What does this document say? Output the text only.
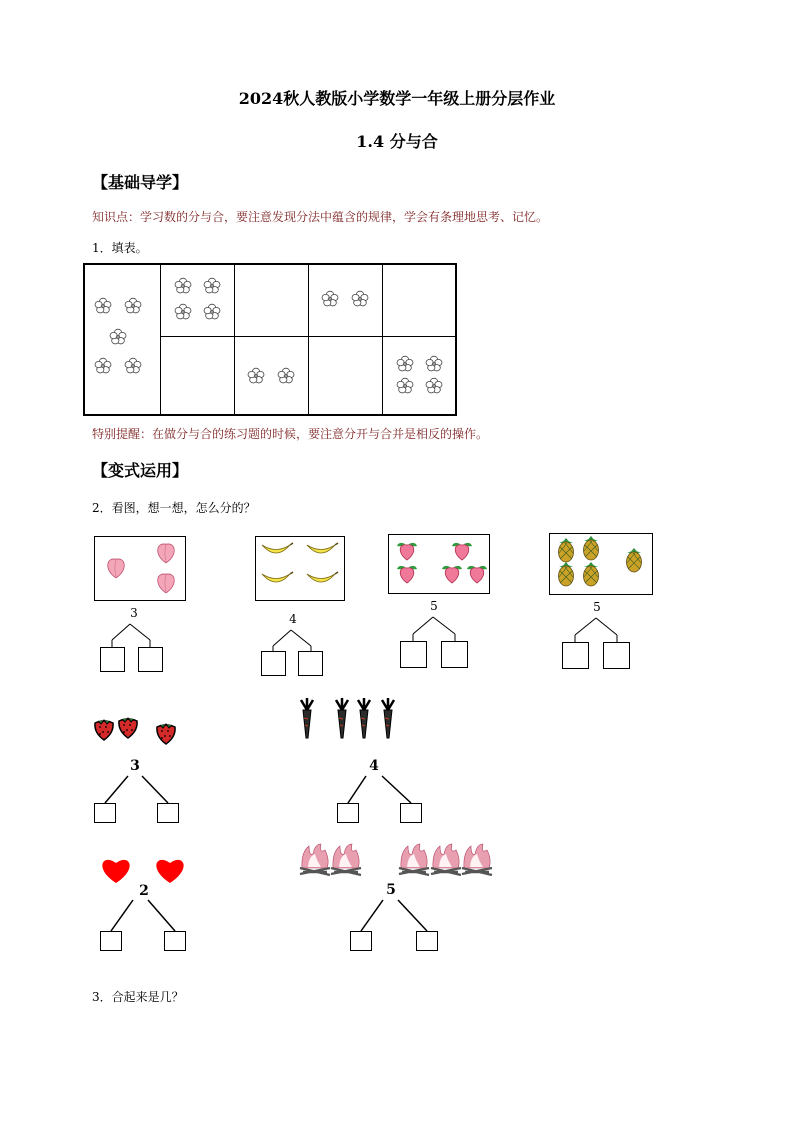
2024秋人教版小学数学一年级上册分层作业
1.4 分与合
【基础导学】
知识点：学习数的分与合，要注意发现分法中蕴含的规律，学会有条理地思考、记忆。
1．填表。
特别提醒：在做分与合的练习题的时候，要注意分开与合并是相反的操作。
【变式运用】
2．看图，想一想，怎么分的？
3	4
5	5
3	4
2	5
3．合起来是几？
